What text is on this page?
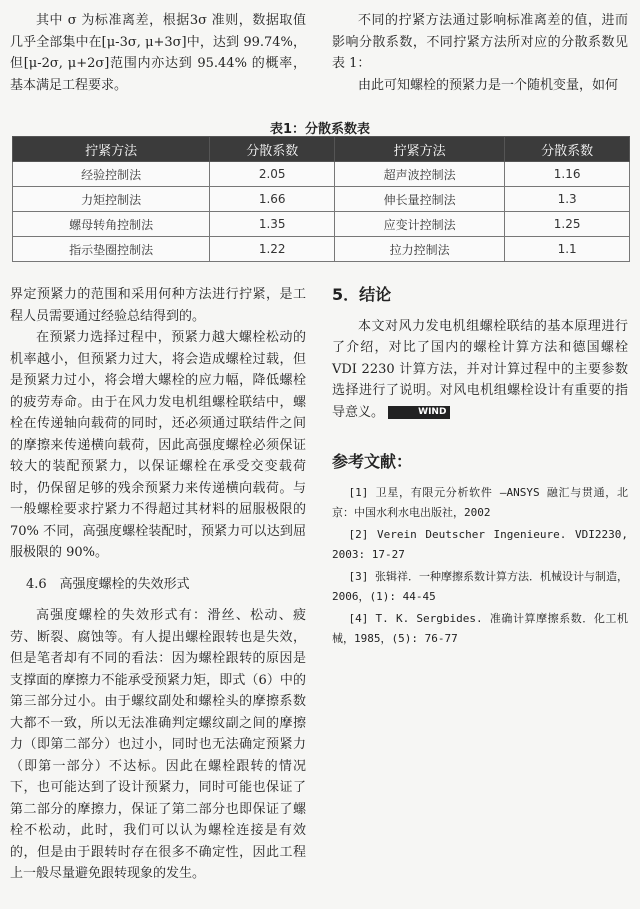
其中 σ 为标准离差，根据3σ 准则，数据取值几乎全部集中在[μ-3σ, μ+3σ]中，达到 99.74%，但[μ-2σ, μ+2σ]范围内亦达到 95.44% 的概率，基本满足工程要求。

不同的拧紧方法通过影响标准离差的值，进而影响分散系数，不同拧紧方法所对应的分散系数见表 1：

由此可知螺栓的预紧力是一个随机变量，如何

表1：分散系数表
拧紧方法	分散系数	拧紧方法	分散系数
经验控制法	2.05	超声波控制法	1.16
力矩控制法	1.66	伸长量控制法	1.3
螺母转角控制法	1.35	应变计控制法	1.25
指示垫圈控制法	1.22	拉力控制法	1.1

界定预紧力的范围和采用何种方法进行拧紧，是工程人员需要通过经验总结得到的。

在预紧力选择过程中，预紧力越大螺栓松动的机率越小，但预紧力过大，将会造成螺栓过载，但是预紧力过小，将会增大螺栓的应力幅，降低螺栓的疲劳寿命。由于在风力发电机组螺栓联结中，螺栓在传递轴向载荷的同时，还必须通过联结件之间的摩擦来传递横向载荷，因此高强度螺栓必须保证较大的装配预紧力，以保证螺栓在承受交变载荷时，仍保留足够的残余预紧力来传递横向载荷。与一般螺栓要求拧紧力不得超过其材料的屈服极限的 70% 不同，高强度螺栓装配时，预紧力可以达到屈服极限的 90%。

4.6　高强度螺栓的失效形式

高强度螺栓的失效形式有：滑丝、松动、疲劳、断裂、腐蚀等。有人提出螺栓跟转也是失效，但是笔者却有不同的看法：因为螺栓跟转的原因是支撑面的摩擦力不能承受预紧力矩，即式（6）中的第三部分过小。由于螺纹副处和螺栓头的摩擦系数大都不一致，所以无法准确判定螺纹副之间的摩擦力（即第二部分）也过小，同时也无法确定预紧力（即第一部分）不达标。因此在螺栓跟转的情况下，也可能达到了设计预紧力，同时可能也保证了第二部分的摩擦力，保证了第二部分也即保证了螺栓不松动，此时，我们可以认为螺栓连接是有效的，但是由于跟转时存在很多不确定性，因此工程上一般尽量避免跟转现象的发生。

5．结论

本文对风力发电机组螺栓联结的基本原理进行了介绍，对比了国内的螺栓计算方法和德国螺栓 VDI 2230 计算方法，并对计算过程中的主要参数选择进行了说明。对风电机组螺栓设计有重要的指导意义。	WIND

参考文献：

[1] 卫星，有限元分析软件 —ANSYS 融汇与贯通，北京：中国水利水电出版社，2002

[2] Verein Deutscher Ingenieure. VDI2230, 2003: 17-27

[3] 张辑祥．一种摩擦系数计算方法．机械设计与制造，2006，(1): 44-45

[4] T. K. Sergbides. 准确计算摩擦系数．化工机械，1985，(5): 76-77
